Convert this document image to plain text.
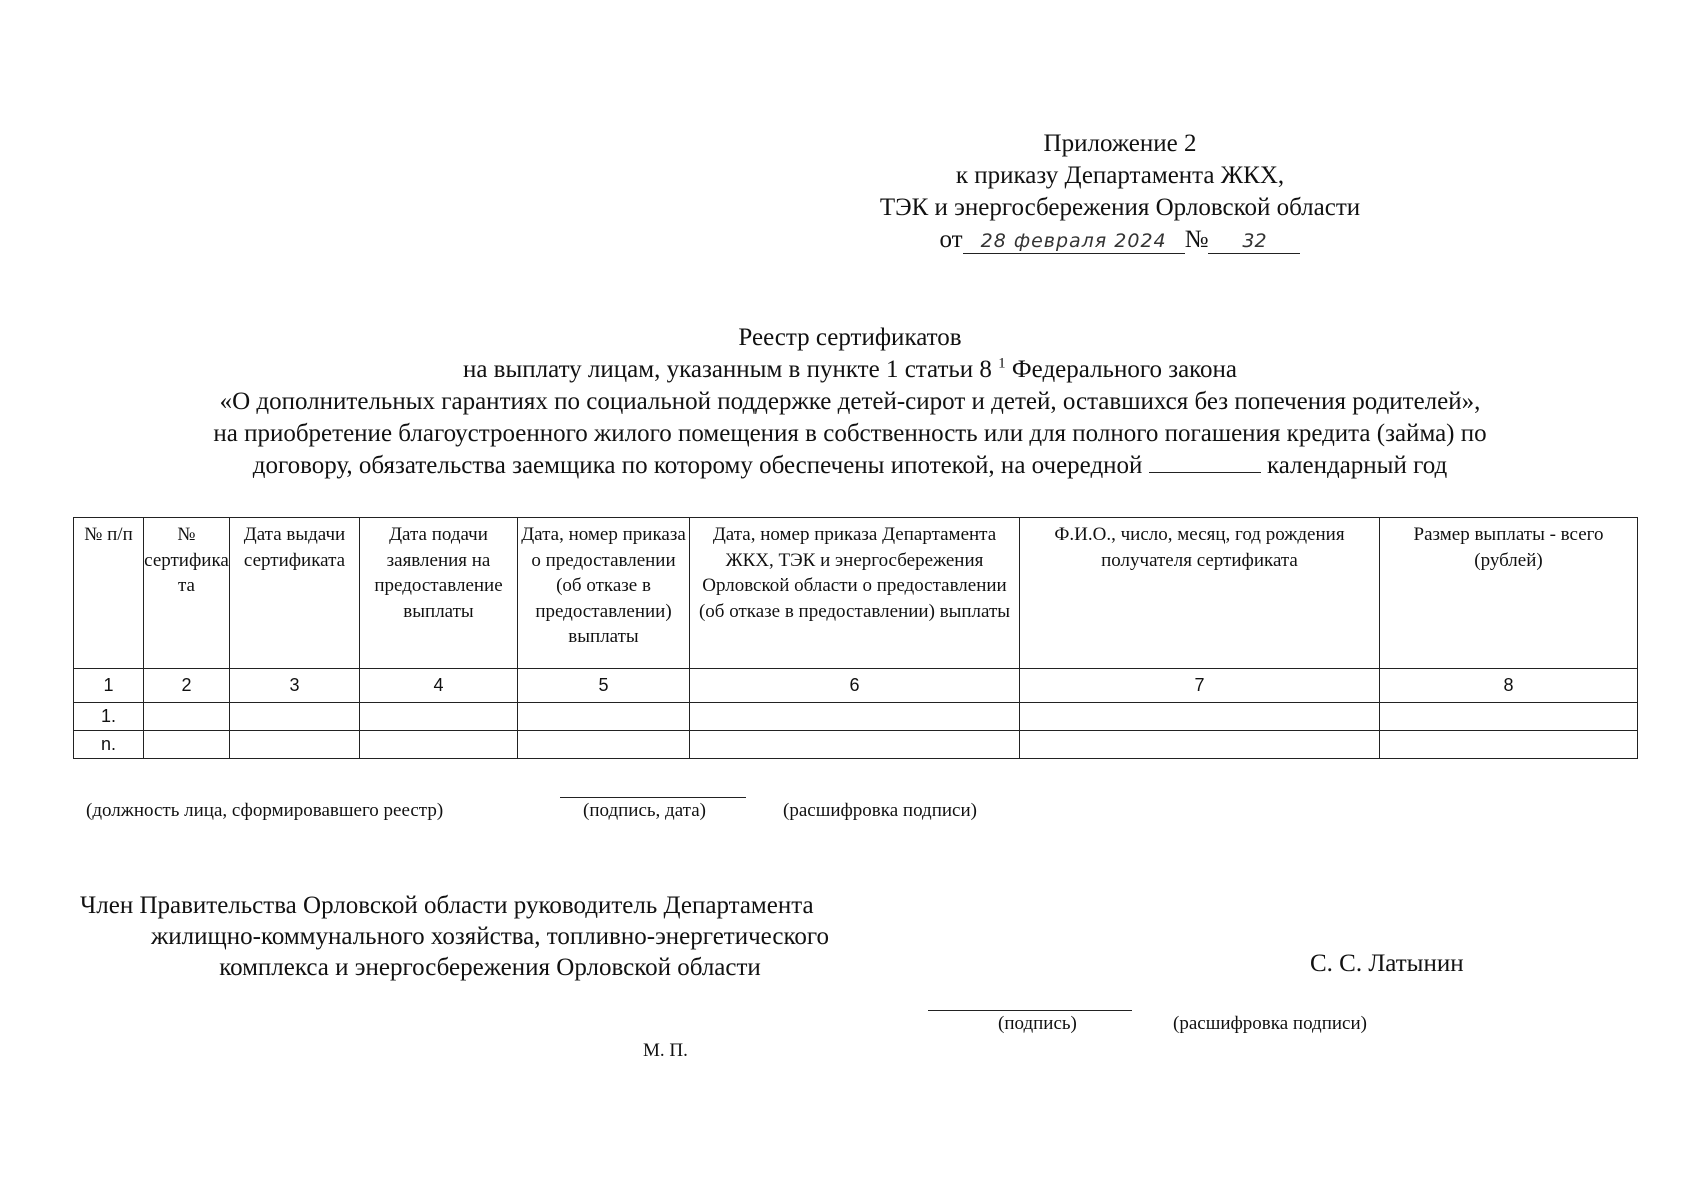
Приложение 2
к приказу Департамента ЖКХ,
ТЭК и энергосбережения Орловской области
от 28 февраля 2024 № 32
Реестр сертификатов
на выплату лицам, указанным в пункте 1 статьи 8 $^1$ Федерального закона
«О дополнительных гарантиях по социальной поддержке детей-сирот и детей, оставшихся без попечения родителей»,
на приобретение благоустроенного жилого помещения в собственность или для полного погашения кредита (займа) по
договору, обязательства заемщика по которому обеспечены ипотекой, на очередной	календарный год
№ п/п	№ сертификата	Дата выдачи сертификата	Дата подачи заявления на предоставление выплаты	Дата, номер приказа о предоставлении (об отказе в предоставлении) выплаты	Дата, номер приказа Департамента ЖКХ, ТЭК и энергосбережения Орловской области о предоставлении (об отказе в предоставлении) выплаты	Ф.И.О., число, месяц, год рождения получателя сертификата	Размер выплаты - всего (рублей)
1	2	3	4	5	6	7	8
1.							
n.							
(должность лица, сформировавшего реестр)	(подпись, дата)	(расшифровка подписи)
Член Правительства Орловской области руководитель Департамента
жилищно-коммунального хозяйства, топливно-энергетического
комплекса и энергосбережения Орловской области	С. С. Латынин
(подпись)	(расшифровка подписи)
М. П.
